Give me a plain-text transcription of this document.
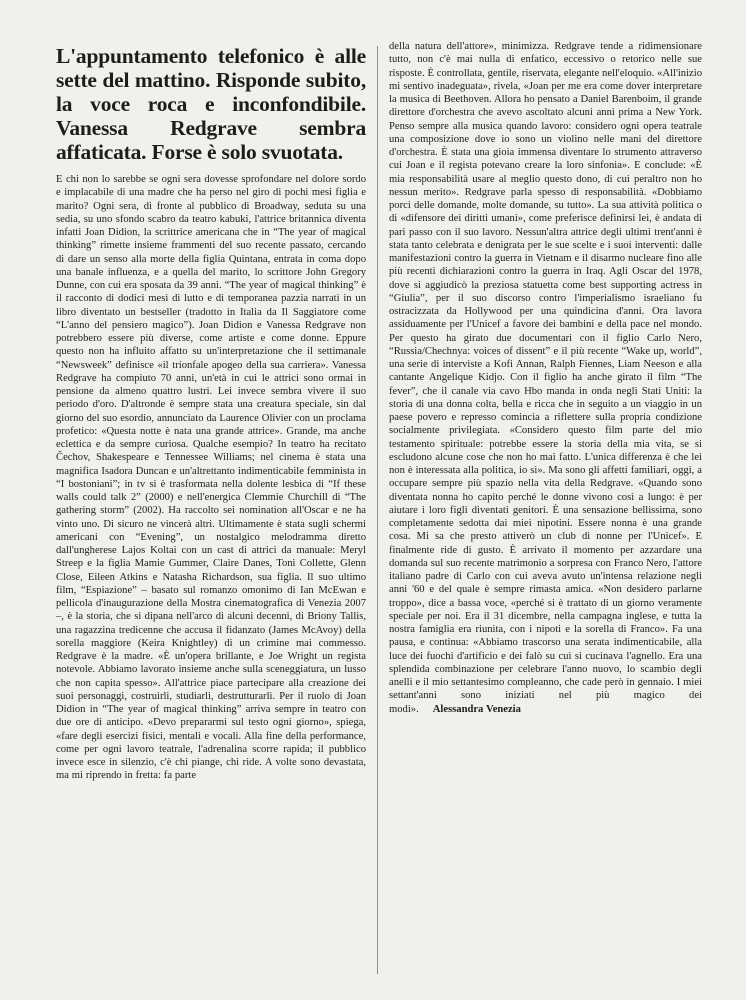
L'appuntamento telefonico è alle sette del mattino. Risponde subito, la voce roca e inconfondibile. Vanessa Redgrave sembra affaticata. Forse è solo svuotata.

E chi non lo sarebbe se ogni sera dovesse sprofondare nel dolore sordo e implacabile di una madre che ha perso nel giro di pochi mesi figlia e marito? Ogni sera, di fronte al pubblico di Broadway, seduta su una sedia, su uno sfondo scabro da teatro kabuki, l'attrice britannica diventa infatti Joan Didion, la scrittrice americana che in “The year of magical thinking” rimette insieme frammenti del suo recente passato, cercando di dare un senso alla morte della figlia Quintana, entrata in coma dopo una banale influenza, e a quella del marito, lo scrittore John Gregory Dunne, con cui era sposata da 39 anni. “The year of magical thinking” è il racconto di dodici mesi di lutto e di temporanea pazzia narrati in un libro diventato un bestseller (tradotto in Italia da Il Saggiatore come “L'anno del pensiero magico”). Joan Didion e Vanessa Redgrave non potrebbero essere più diverse, come artiste e come donne. Eppure questo non ha influito affatto su un'interpretazione che il settimanale “Newsweek” definisce «il trionfale apogeo della sua carriera». Vanessa Redgrave ha compiuto 70 anni, un'età in cui le attrici sono ormai in pensione da almeno quattro lustri. Lei invece sembra vivere il suo periodo d'oro. D'altronde è sempre stata una creatura speciale, sin dal giorno del suo esordio, annunciato da Laurence Olivier con un proclama profetico: «Questa notte è nata una grande attrice». Grande, ma anche eclettica e da sempre curiosa. Qualche esempio? In teatro ha recitato Čechov, Shakespeare e Tennessee Williams; nel cinema è stata una magnifica Isadora Duncan e un'altrettanto indimenticabile femminista in “I bostoniani”; in tv si è trasformata nella dolente lesbica di “If these walls could talk 2” (2000) e nell'energica Clemmie Churchill di “The gathering storm” (2002). Ha raccolto sei nomination all'Oscar e ne ha vinto uno. Di sicuro ne vincerà altri. Ultimamente è stata sugli schermi americani con “Evening”, un nostalgico melodramma diretto dall'ungherese Lajos Koltai con un cast di attrici da manuale: Meryl Streep e la figlia Mamie Gummer, Claire Danes, Toni Collette, Glenn Close, Eileen Atkins e Natasha Richardson, sua figlia. Il suo ultimo film, “Espiazione” – basato sul romanzo omonimo di Ian McEwan e pellicola d'inaugurazione della Mostra cinematografica di Venezia 2007 –, è la storia, che si dipana nell'arco di alcuni decenni, di Briony Tallis, una ragazzina tredicenne che accusa il fidanzato (James McAvoy) della sorella maggiore (Keira Knightley) di un crimine mai commesso. Redgrave è la madre. «È un'opera brillante, e Joe Wright un regista notevole. Abbiamo lavorato insieme anche sulla sceneggiatura, un lusso che non capita spesso». All'attrice piace partecipare alla creazione dei suoi personaggi, costruirli, studiarli, destrutturarli. Per il ruolo di Joan Didion in “The year of magical thinking” arriva sempre in teatro con due ore di anticipo. «Devo prepararmi sul testo ogni giorno», spiega, «fare degli esercizi fisici, mentali e vocali. Alla fine della performance, come per ogni lavoro teatrale, l'adrenalina scorre rapida; il pubblico invece esce in silenzio, c'è chi piange, chi ride. A volte sono devastata, ma mi riprendo in fretta: fa parte

della natura dell'attore», minimizza. Redgrave tende a ridimensionare tutto, non c'è mai nulla di enfatico, eccessivo o retorico nelle sue risposte. È controllata, gentile, riservata, elegante nell'eloquio. «All'inizio mi sentivo inadeguata», rivela, «Joan per me era come dover interpretare la musica di Beethoven. Allora ho pensato a Daniel Barenboim, il grande direttore d'orchestra che avevo ascoltato alcuni anni prima a New York. Penso sempre alla musica quando lavoro: considero ogni opera teatrale una composizione dove io sono un violino nelle mani del direttore d'orchestra. È stata una gioia immensa diventare lo strumento attraverso cui Joan e il regista potevano creare la loro sinfonia». E conclude: «È mia responsabilità usare al meglio questo dono, di cui peraltro non ho nessun merito». Redgrave parla spesso di responsabilità. «Dobbiamo porci delle domande, molte domande, su tutto». La sua attività politica o di «difensore dei diritti umani», come preferisce definirsi lei, è andata di pari passo con il suo lavoro. Nessun'altra attrice degli ultimi trent'anni è stata tanto celebrata e denigrata per le sue scelte e i suoi interventi: dalle manifestazioni contro la guerra in Vietnam e il disarmo nucleare fino alle più recenti dichiarazioni contro la guerra in Iraq. Agli Oscar del 1978, dove si aggiudicò la preziosa statuetta come best supporting actress in “Giulia”, per il suo discorso contro l'imperialismo israeliano fu ostracizzata da Hollywood per una quindicina d'anni. Ora lavora assiduamente per l'Unicef a favore dei bambini e della pace nel mondo. Per questo ha girato due documentari con il figlio Carlo Nero, “Russia/Chechnya: voices of dissent” e il più recente “Wake up, world”, una serie di interviste a Kofi Annan, Ralph Fiennes, Liam Neeson e alla cantante Angelique Kidjo. Con il figlio ha anche girato il film “The fever”, che il canale via cavo Hbo manda in onda negli Stati Uniti: la storia di una donna colta, bella e ricca che in seguito a un viaggio in un paese povero e represso comincia a riflettere sulla propria condizione socialmente privilegiata. «Considero questo film parte del mio testamento spirituale: potrebbe essere la storia della mia vita, se si escludono alcune cose che non ho mai fatto. L'unica differenza è che lei non è interessata alla politica, io sì». Ma sono gli affetti familiari, oggi, a occupare sempre più spazio nella vita della Redgrave. «Quando sono diventata nonna ho capito perché le donne vivono così a lungo: è per aiutare i loro figli diventati genitori. È una sensazione bellissima, sono completamente sedotta dai miei nipotini. Essere nonna è una grande cosa. Mi sa che presto attiverò un club di nonne per l'Unicef». E finalmente ride di gusto. È arrivato il momento per azzardare una domanda sul suo recente matrimonio a sorpresa con Franco Nero, l'attore italiano padre di Carlo con cui aveva avuto un'intensa relazione negli anni '60 e del quale è sempre rimasta amica. «Non desidero parlarne troppo», dice a bassa voce, «perché si è trattato di un giorno veramente speciale per noi. Era il 31 dicembre, nella campagna inglese, e tutta la nostra famiglia era riunita, con i nipoti e la sorella di Franco». Fa una pausa, e continua: «Abbiamo trascorso una serata indimenticabile, alla luce dei fuochi d'artificio e dei falò su cui si cucinava l'agnello. Era una splendida combinazione per celebrare l'anno nuovo, lo scambio degli anelli e il mio settantesimo compleanno, che cade però in gennaio. I miei settant'anni sono iniziati nel più magico dei modi». Alessandra Venezia
